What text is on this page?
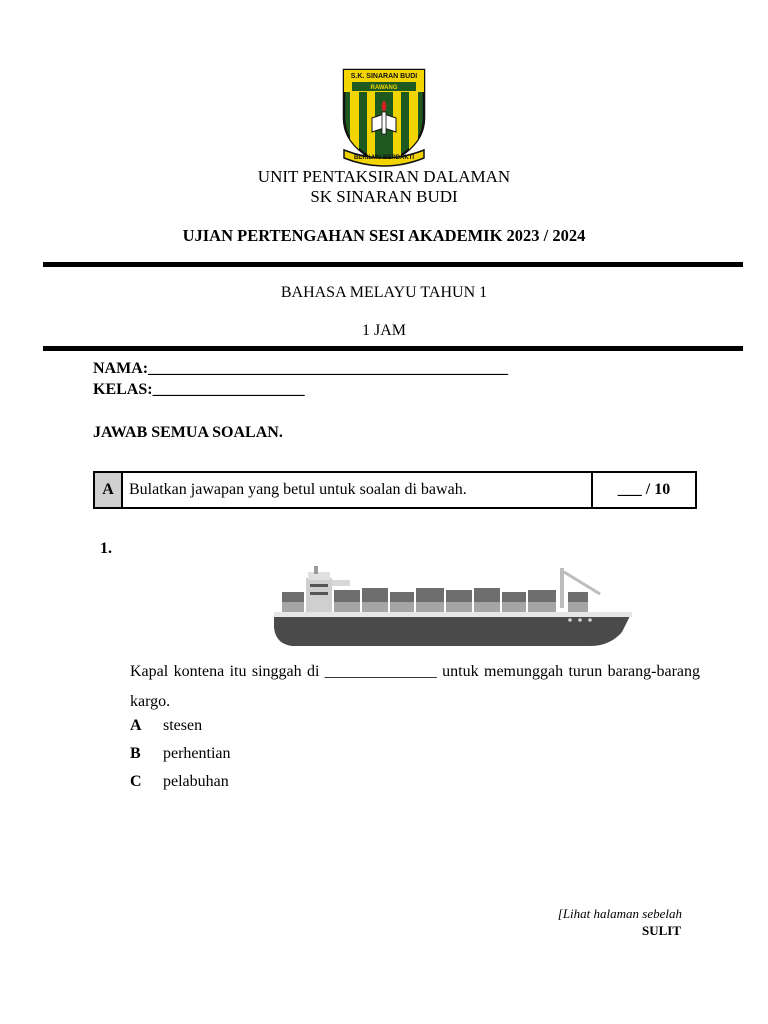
S.K. SINARAN BUDI
RAWANG
BERILMU BERBAKTI
UNIT PENTAKSIRAN DALAMAN
SK SINARAN BUDI
UJIAN PERTENGAHAN SESI AKADEMIK 2023 / 2024
BAHASA MELAYU TAHUN 1
1 JAM
NAMA:_____________________________________________
KELAS:___________________
JAWAB SEMUA SOALAN.
A	Bulatkan jawapan yang betul untuk soalan di bawah.	___ / 10
1.
Kapal kontena itu singgah di ______________ untuk memunggah turun barang-barang kargo.
A stesen
B perhentian
C pelabuhan
[Lihat halaman sebelah
SULIT
